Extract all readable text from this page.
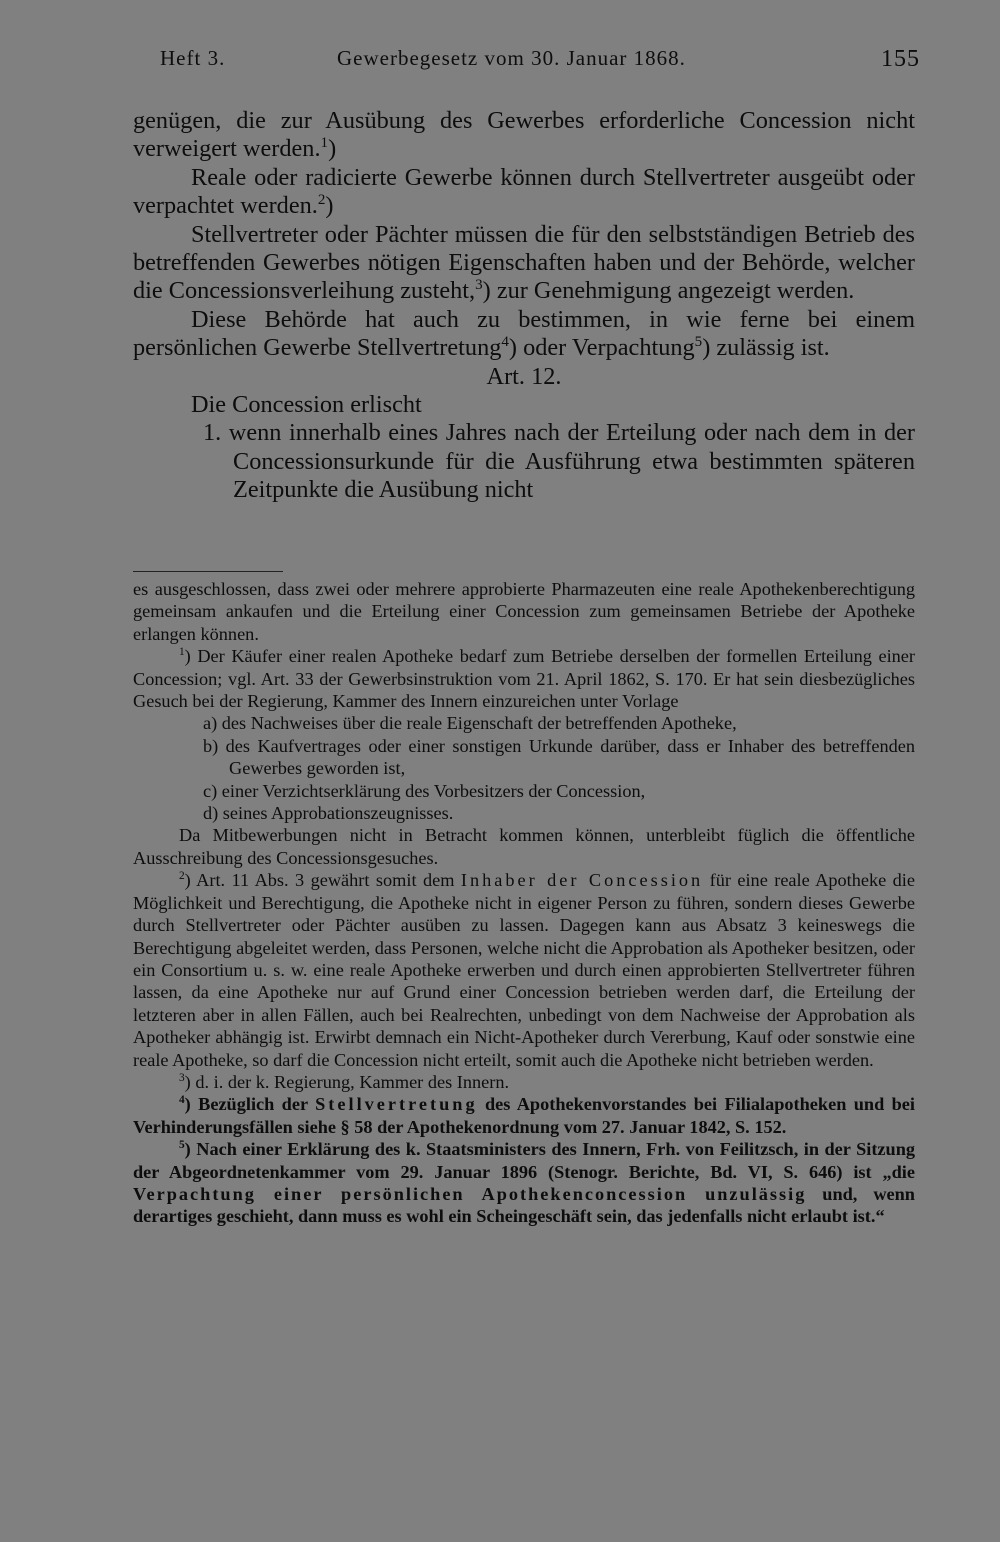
Heft 3.	Gewerbegesetz vom 30. Januar 1868.	155

genügen, die zur Ausübung des Gewerbes erforderliche Concession nicht verweigert werden.$^1$)

Reale oder radicierte Gewerbe können durch Stellvertreter ausgeübt oder verpachtet werden.$^2$)

Stellvertreter oder Pächter müssen die für den selbstständigen Betrieb des betreffenden Gewerbes nötigen Eigenschaften haben und der Behörde, welcher die Concessionsverleihung zusteht,$^3$) zur Genehmigung angezeigt werden.

Diese Behörde hat auch zu bestimmen, in wie ferne bei einem persönlichen Gewerbe Stellvertretung$^4$) oder Verpachtung$^5$) zulässig ist.

Art. 12.

Die Concession erlischt

1. wenn innerhalb eines Jahres nach der Erteilung oder nach dem in der Concessionsurkunde für die Ausführung etwa bestimmten späteren Zeitpunkte die Ausübung nicht

es ausgeschlossen, dass zwei oder mehrere approbierte Pharmazeuten eine reale Apothekenberechtigung gemeinsam ankaufen und die Erteilung einer Concession zum gemeinsamen Betriebe der Apotheke erlangen können.

$^1$) Der Käufer einer realen Apotheke bedarf zum Betriebe derselben der formellen Erteilung einer Concession; vgl. Art. 33 der Gewerbsinstruktion vom 21. April 1862, S. 170. Er hat sein diesbezügliches Gesuch bei der Regierung, Kammer des Innern einzureichen unter Vorlage

a) des Nachweises über die reale Eigenschaft der betreffenden Apotheke,

b) des Kaufvertrages oder einer sonstigen Urkunde darüber, dass er Inhaber des betreffenden Gewerbes geworden ist,

c) einer Verzichtserklärung des Vorbesitzers der Concession,

d) seines Approbationszeugnisses.

Da Mitbewerbungen nicht in Betracht kommen können, unterbleibt füglich die öffentliche Ausschreibung des Concessionsgesuches.

$^2$) Art. 11 Abs. 3 gewährt somit dem Inhaber der Concession für eine reale Apotheke die Möglichkeit und Berechtigung, die Apotheke nicht in eigener Person zu führen, sondern dieses Gewerbe durch Stellvertreter oder Pächter ausüben zu lassen. Dagegen kann aus Absatz 3 keineswegs die Berechtigung abgeleitet werden, dass Personen, welche nicht die Approbation als Apotheker besitzen, oder ein Consortium u. s. w. eine reale Apotheke erwerben und durch einen approbierten Stellvertreter führen lassen, da eine Apotheke nur auf Grund einer Concession betrieben werden darf, die Erteilung der letzteren aber in allen Fällen, auch bei Realrechten, unbedingt von dem Nachweise der Approbation als Apotheker abhängig ist. Erwirbt demnach ein Nicht-Apotheker durch Vererbung, Kauf oder sonstwie eine reale Apotheke, so darf die Concession nicht erteilt, somit auch die Apotheke nicht betrieben werden.

$^3$) d. i. der k. Regierung, Kammer des Innern.

$^4$) Bezüglich der Stellvertretung des Apothekenvorstandes bei Filialapotheken und bei Verhinderungsfällen siehe § 58 der Apothekenordnung vom 27. Januar 1842, S. 152.

$^5$) Nach einer Erklärung des k. Staatsministers des Innern, Frh. von Feilitzsch, in der Sitzung der Abgeordnetenkammer vom 29. Januar 1896 (Stenogr. Berichte, Bd. VI, S. 646) ist „die Verpachtung einer persönlichen Apothekenconcession unzulässig und, wenn derartiges geschieht, dann muss es wohl ein Scheingeschäft sein, das jedenfalls nicht erlaubt ist.“
